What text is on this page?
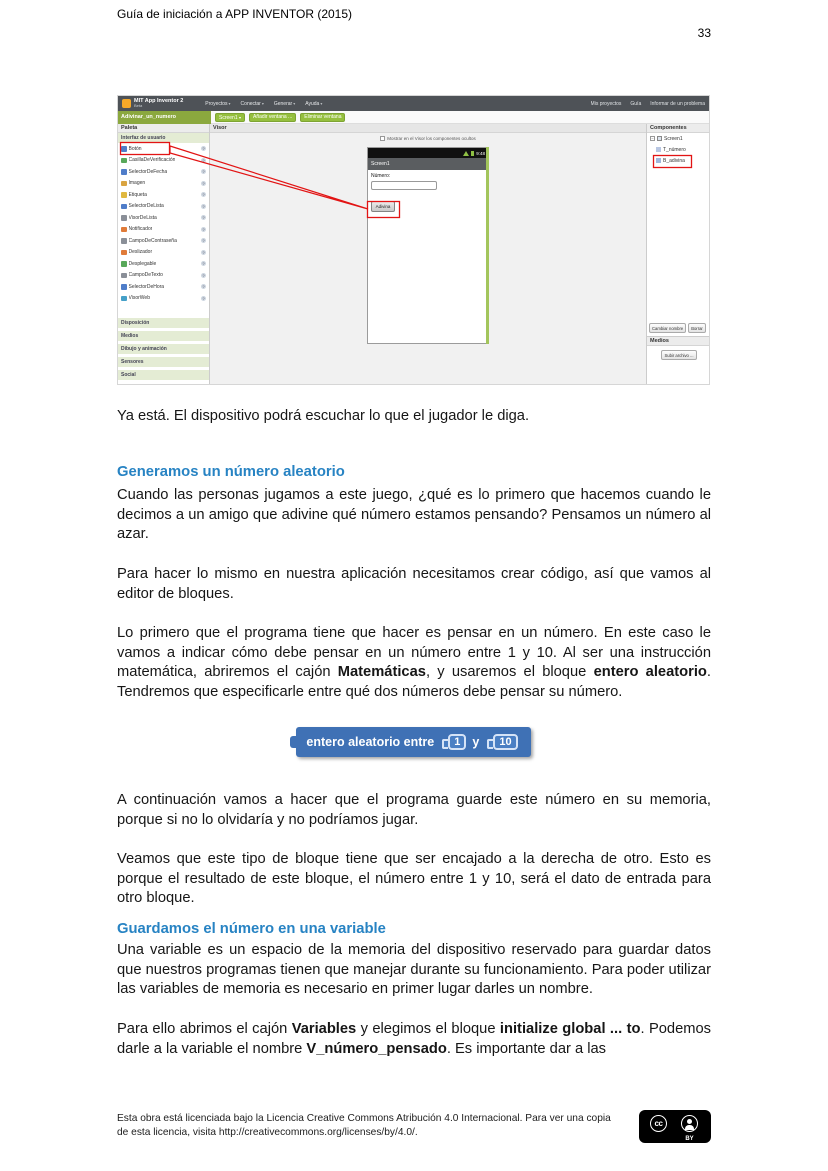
Guía de iniciación a APP INVENTOR (2015)
33
MIT App Inventor 2
Beta	Proyectos▾ Conectar▾ Generar▾ Ayuda▾	Mis proyectos Guía Informar de un problema
Adivinar_un_numero	Screen1 ▾	Añadir ventana ...	Eliminar ventana
Paleta
Interfaz de usuario
Botón	?
CasillaDeVerificación	?
SelectorDeFecha	?
Imagen	?
Etiqueta	?
SelectorDeLista	?
VisorDeLista	?
Notificador	?
CampoDeContraseña	?
Deslizador	?
Desplegable	?
CampoDeTexto	?
SelectorDeHora	?
VisorWeb	?
Disposición
Medios
Dibujo y animación
Sensores
Social
Visor
Mostrar en el Visor los componentes ocultos
9:48
Screen1
Número:
Adivina
Componentes
−
Screen1
T_número
B_adivina
Cambiar nombre	Borrar
Medios
Subir archivo ...

Ya está. El dispositivo podrá escuchar lo que el jugador le diga.

Generamos un número aleatorio

Cuando las personas jugamos a este juego, ¿qué es lo primero que hacemos cuando le decimos a un amigo que adivine qué número estamos pensando? Pensamos un número al azar.

Para hacer lo mismo en nuestra aplicación necesitamos crear código, así que vamos al editor de bloques.

Lo primero que el programa tiene que hacer es pensar en un número. En este caso le vamos a indicar cómo debe pensar en un número entre 1 y 10. Al ser una instrucción matemática, abriremos el cajón Matemáticas, y usaremos el bloque entero aleatorio. Tendremos que especificarle entre qué dos números debe pensar su número.

entero aleatorio entre	1 y	10

A continuación vamos a hacer que el programa guarde este número en su memoria, porque si no lo olvidaría y no podríamos jugar.

Veamos que este tipo de bloque tiene que ser encajado a la derecha de otro. Esto es porque el resultado de este bloque, el número entre 1 y 10, será el dato de entrada para otro bloque.

Guardamos el número en una variable

Una variable es un espacio de la memoria del dispositivo reservado para guardar datos que nuestros programas tienen que manejar durante su funcionamiento. Para poder utilizar las variables de memoria es necesario en primer lugar darles un nombre.

Para ello abrimos el cajón Variables y elegimos el bloque initialize global ... to. Podemos darle a la variable el nombre V_número_pensado. Es importante dar a las

Esta obra está licenciada bajo la Licencia Creative Commons Atribución 4.0 Internacional. Para ver una copia de esta licencia, visita http://creativecommons.org/licenses/by/4.0/.
cc
BY
